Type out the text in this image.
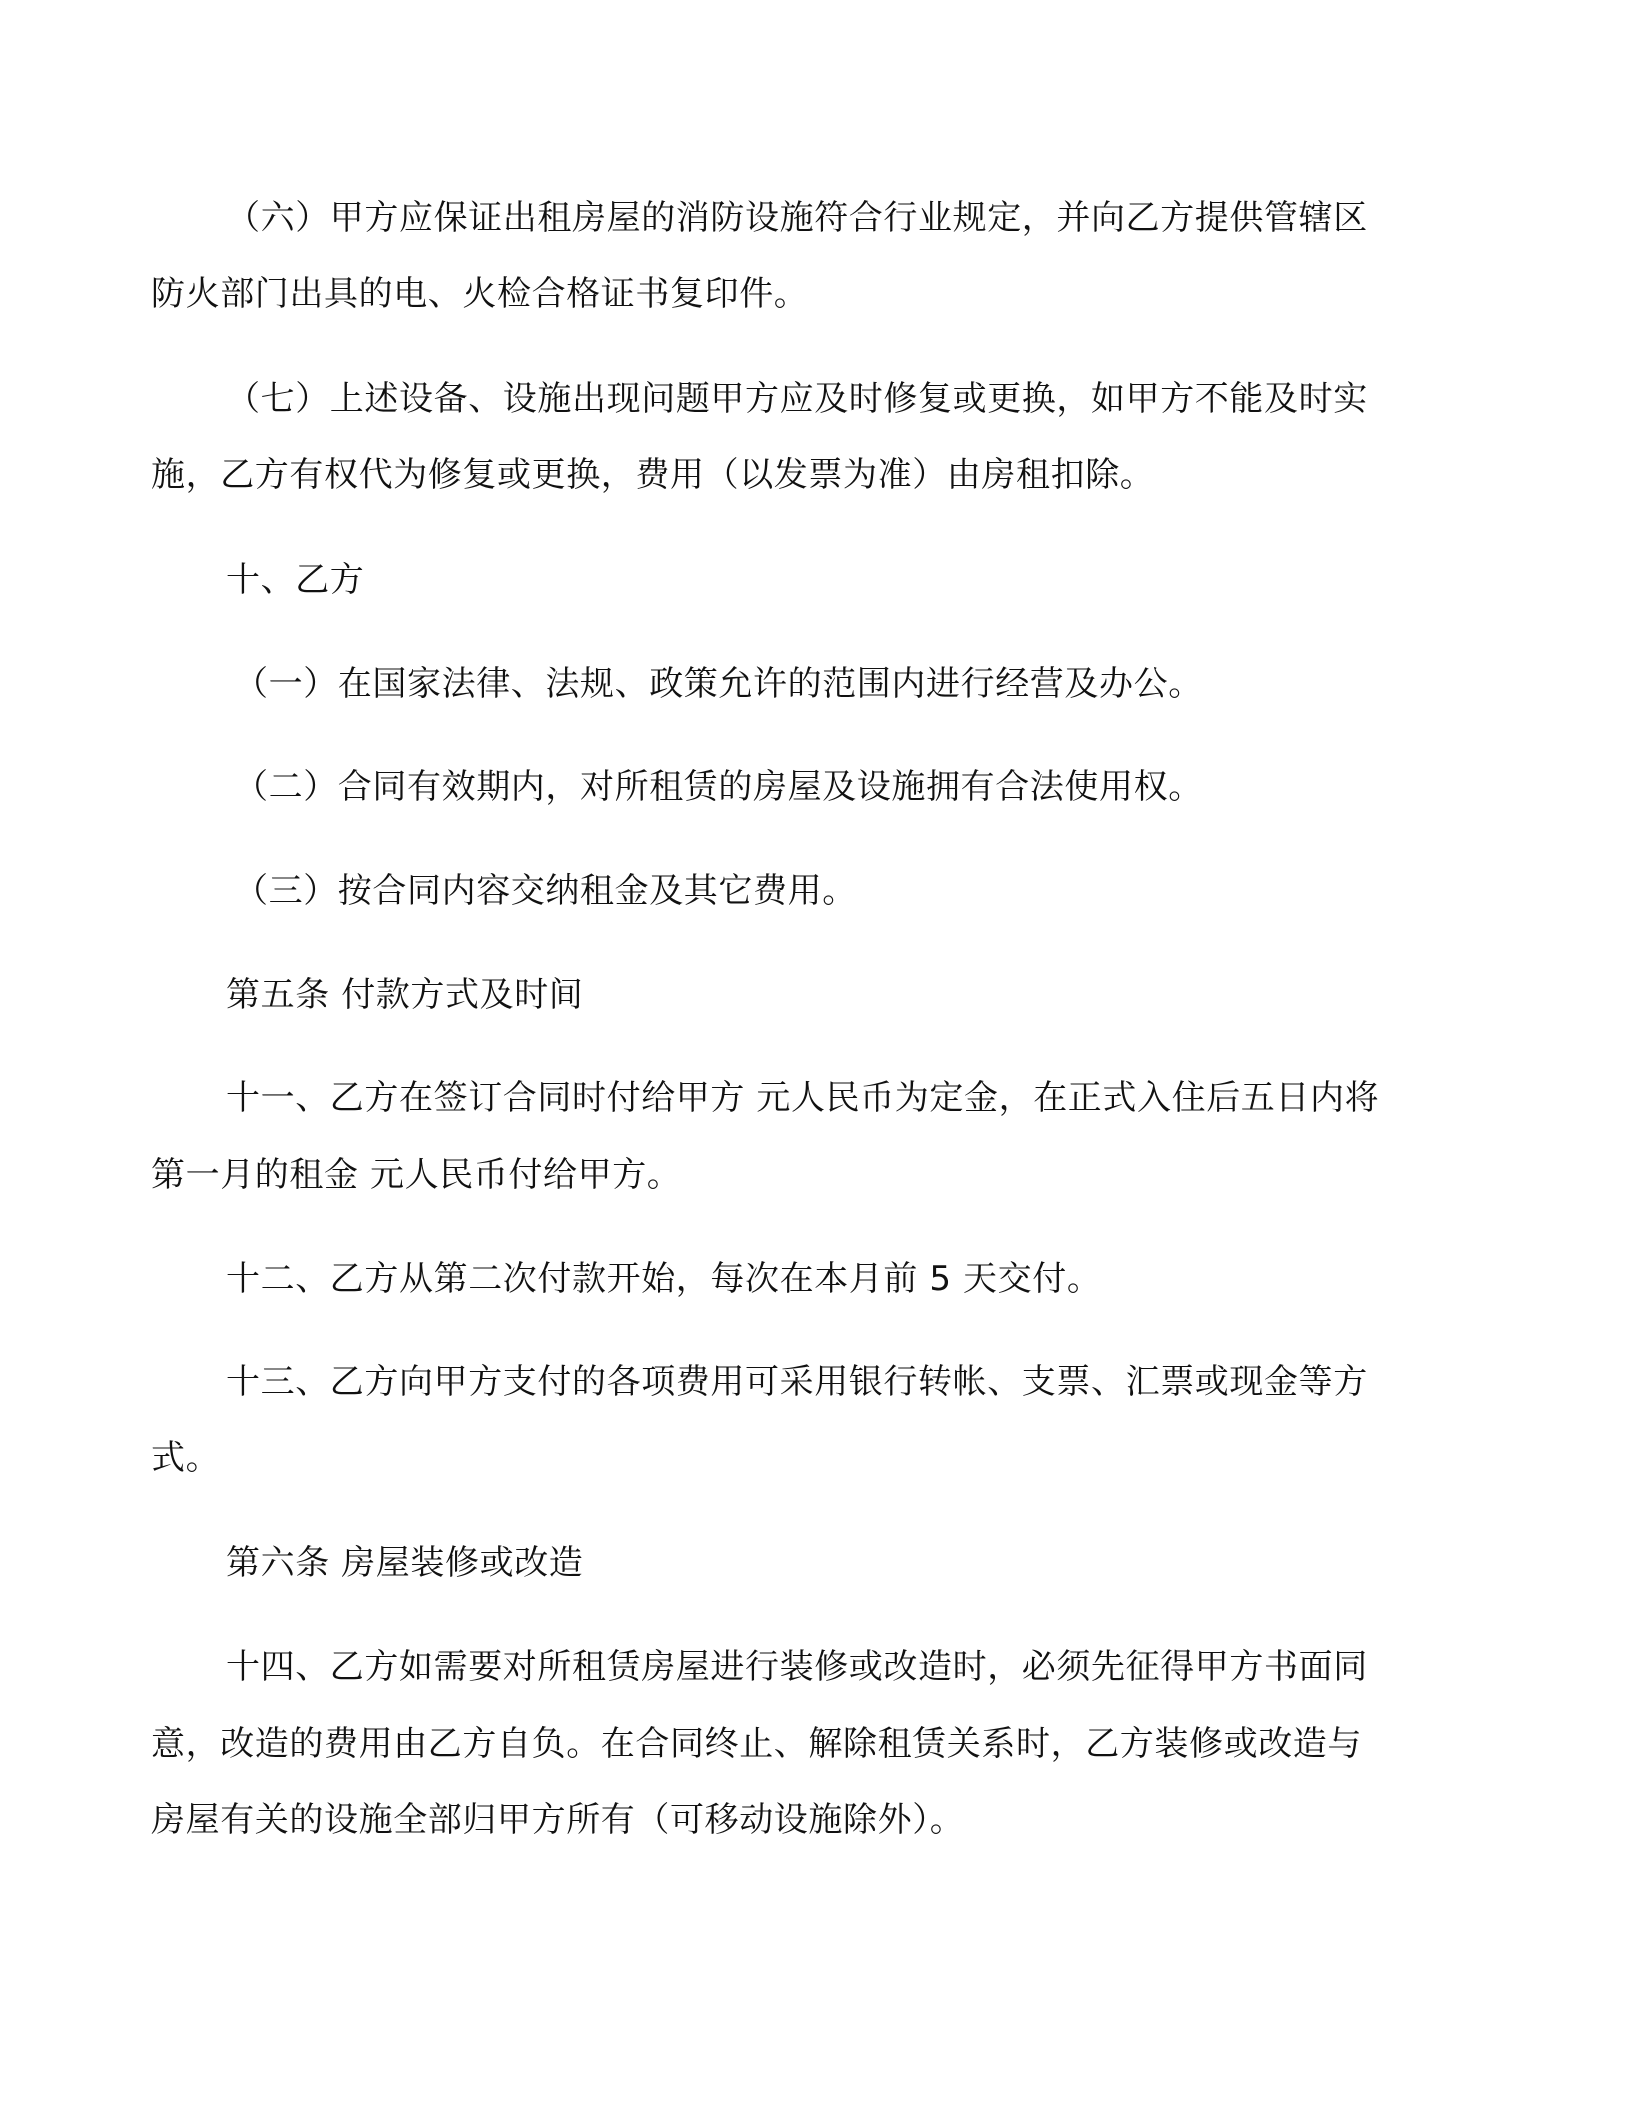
（六）甲方应保证出租房屋的消防设施符合行业规定，并向乙方提供管辖区
防火部门出具的电、火检合格证书复印件。
（七）上述设备、设施出现问题甲方应及时修复或更换，如甲方不能及时实
施，乙方有权代为修复或更换，费用（以发票为准）由房租扣除。
十、乙方
（一）在国家法律、法规、政策允许的范围内进行经营及办公。
（二）合同有效期内，对所租赁的房屋及设施拥有合法使用权。
（三）按合同内容交纳租金及其它费用。
第五条 付款方式及时间
十一、乙方在签订合同时付给甲方 元人民币为定金，在正式入住后五日内将
第一月的租金 元人民币付给甲方。
十二、乙方从第二次付款开始，每次在本月前 5 天交付。
十三、乙方向甲方支付的各项费用可采用银行转帐、支票、汇票或现金等方
式。
第六条 房屋装修或改造
十四、乙方如需要对所租赁房屋进行装修或改造时，必须先征得甲方书面同
意，改造的费用由乙方自负。在合同终止、解除租赁关系时，乙方装修或改造与
房屋有关的设施全部归甲方所有（可移动设施除外）。
